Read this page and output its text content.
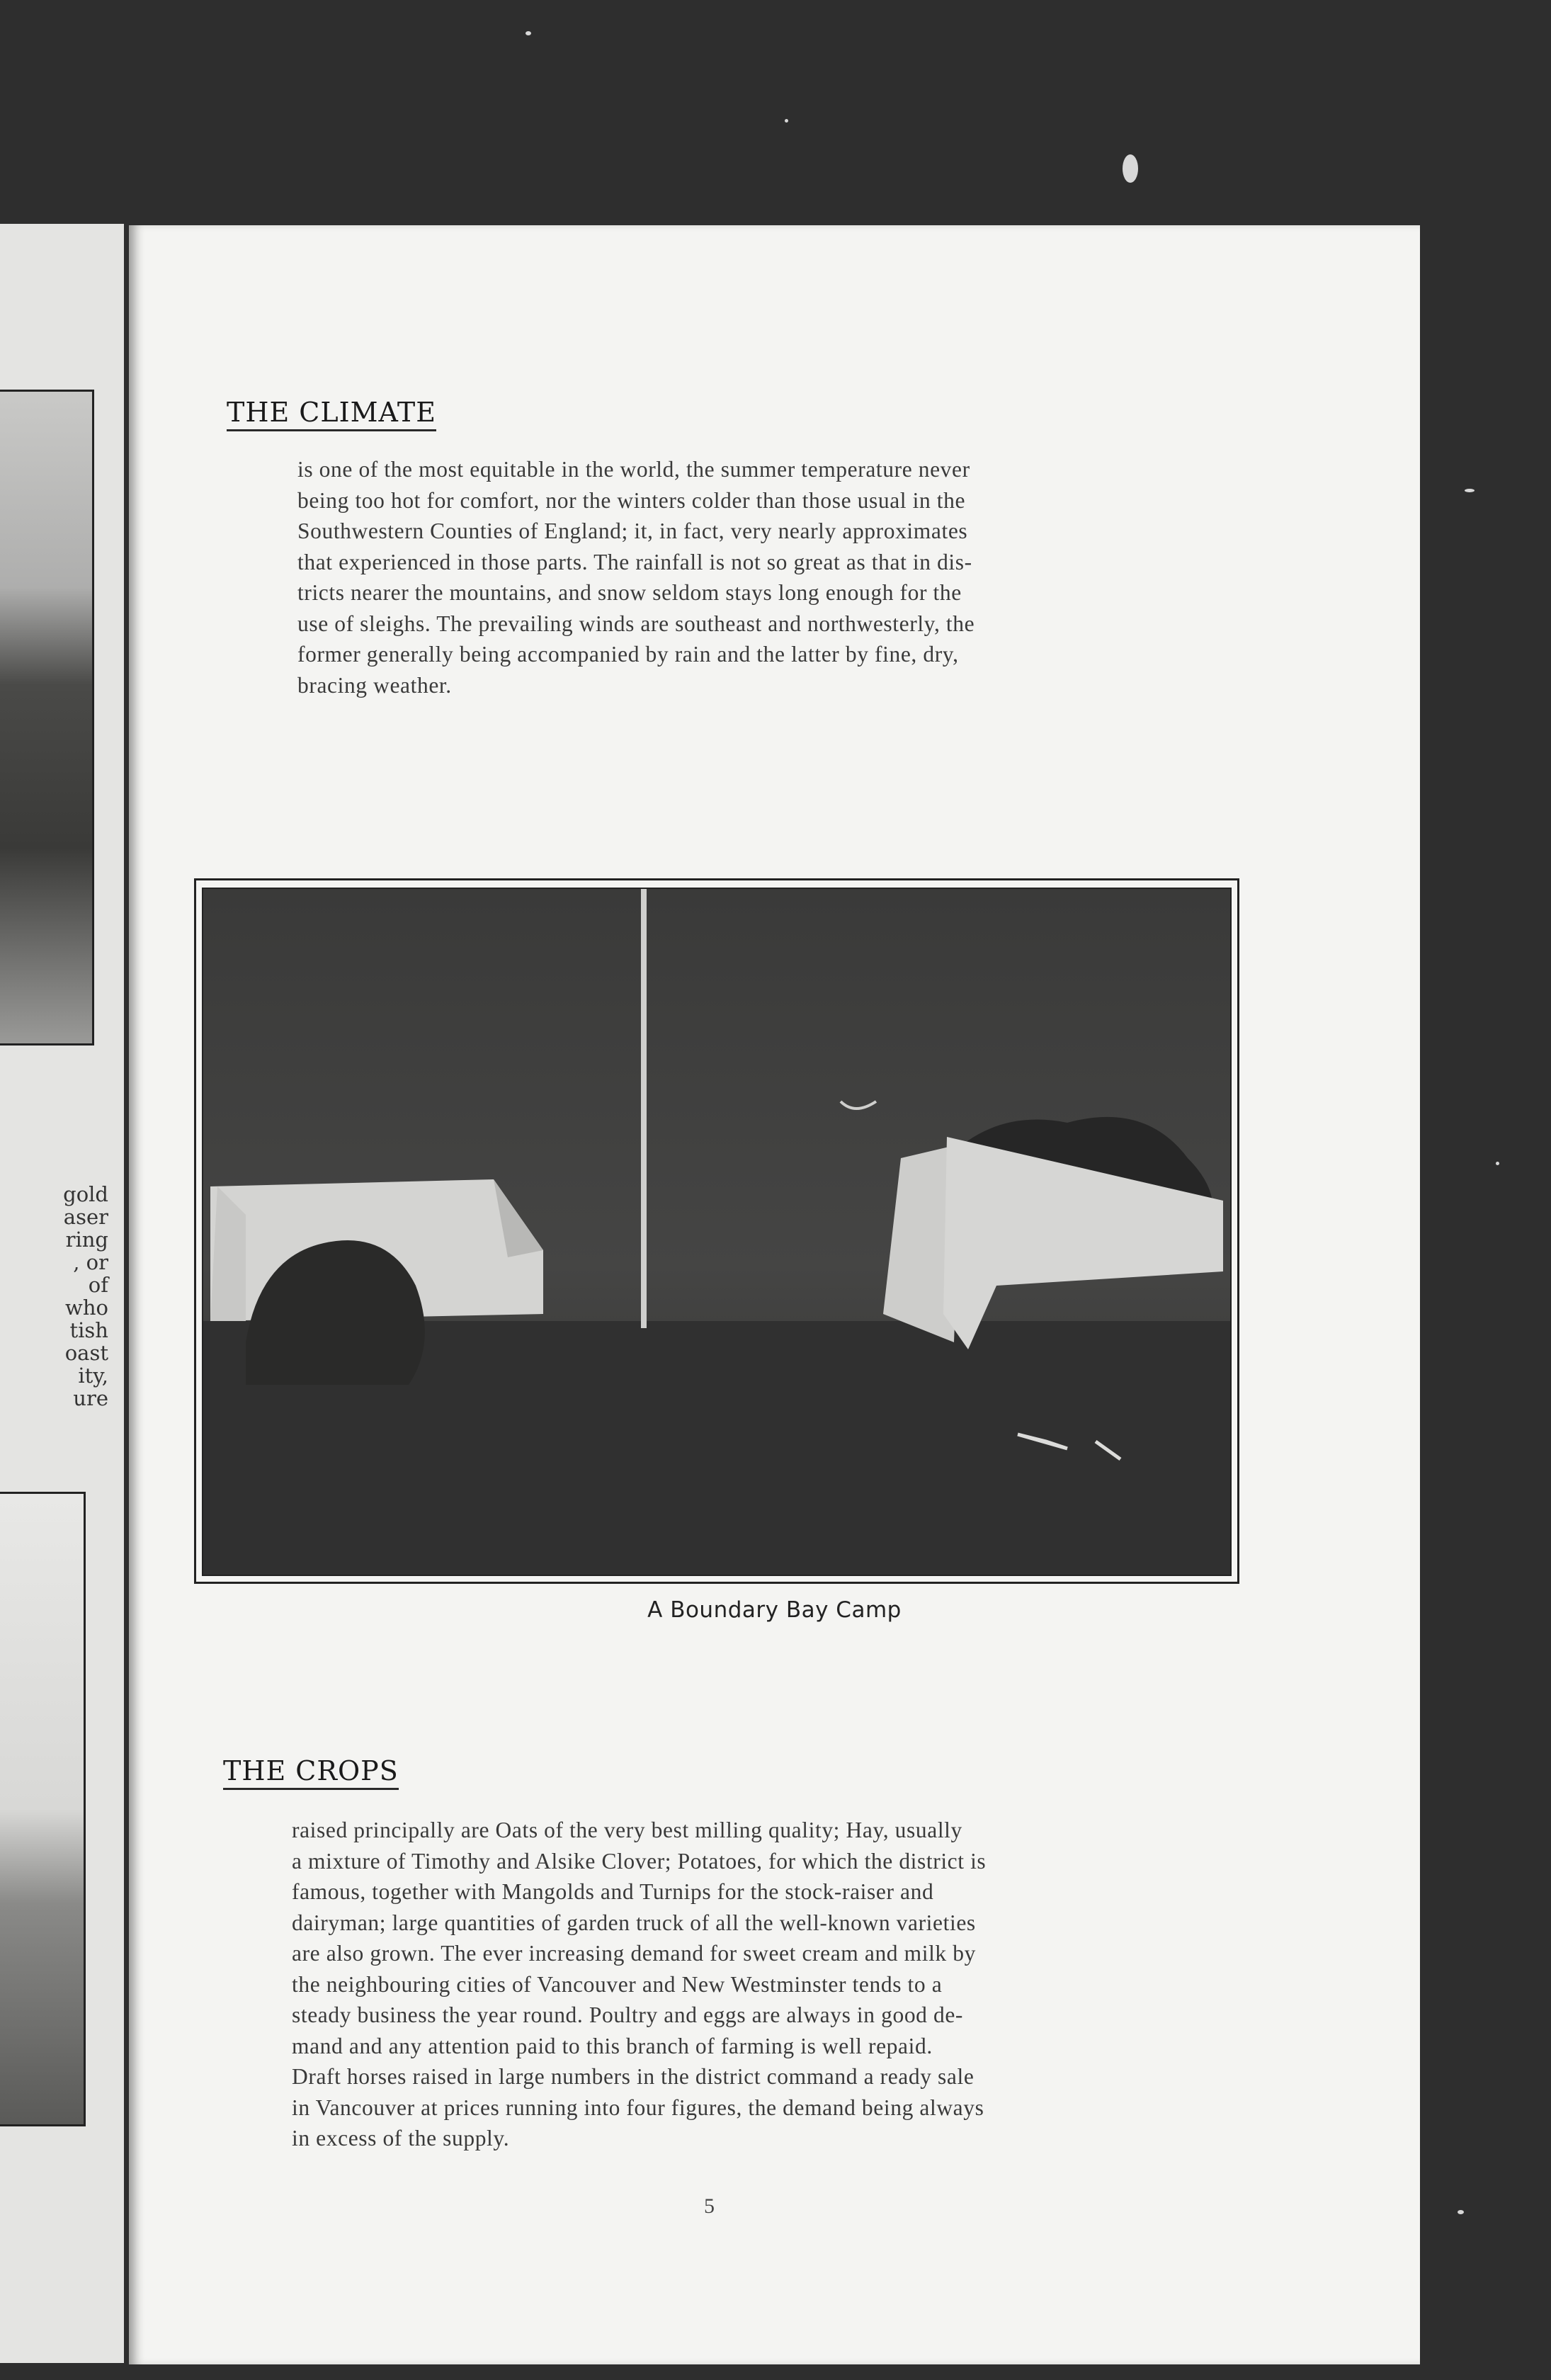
gold
aser
ring
, or
of
who
tish
oast
ity,
ure
THE CLIMATE
is one of the most equitable in the world, the summer temperature never
being too hot for comfort, nor the winters colder than those usual in the
Southwestern Counties of England; it, in fact, very nearly approximates
that experienced in those parts. The rainfall is not so great as that in dis-
tricts nearer the mountains, and snow seldom stays long enough for the
use of sleighs. The prevailing winds are southeast and northwesterly, the
former generally being accompanied by rain and the latter by fine, dry,
bracing weather.
A Boundary Bay Camp
THE CROPS
raised principally are Oats of the very best milling quality; Hay, usually
a mixture of Timothy and Alsike Clover; Potatoes, for which the district is
famous, together with Mangolds and Turnips for the stock-raiser and
dairyman; large quantities of garden truck of all the well-known varieties
are also grown. The ever increasing demand for sweet cream and milk by
the neighbouring cities of Vancouver and New Westminster tends to a
steady business the year round. Poultry and eggs are always in good de-
mand and any attention paid to this branch of farming is well repaid.
Draft horses raised in large numbers in the district command a ready sale
in Vancouver at prices running into four figures, the demand being always
in excess of the supply.
5
